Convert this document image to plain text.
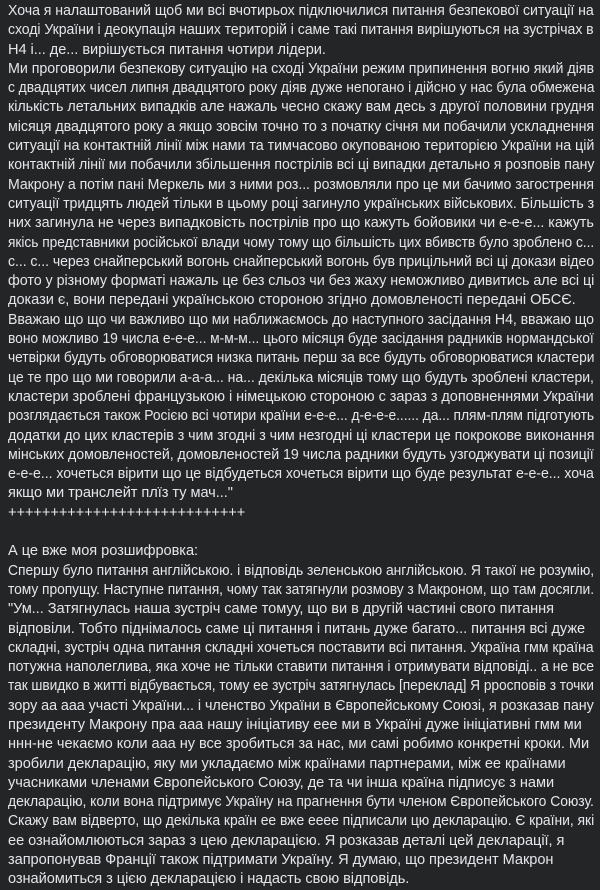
Хоча я налаштований щоб ми всі вчотирьох підключилися питання безпекової ситуації на
сході України і деокупація наших територій і саме такі питання вирішуються на зустрічах в
Н4 і... де... вирішується питання чотири лідери.
Ми проговорили безпекову ситуацію на сході України режим припинення вогню який діяв
с двадцятих чисел липня двадцятого року діяв дуже непогано і дійсно у нас була обмежена
кількість летальних випадків але нажаль чесно скажу вам десь з другої половини грудня
місяця двадцятого року а якщо зовсім точно то з початку січня ми побачили ускладнення
ситуації на контактній лінії між нами та тимчасово окупованою територією України на цій
контактній лінії ми побачили збільшення пострілів всі ці випадки детально я розповів пану
Макрону а потім пані Меркель ми з ними роз... розмовляли про це ми бачимо загострення
ситуації тридцять людей тільки в цьому році загинуло українських військових. Більшість з
них загинула не через випадковість пострілів про що кажуть бойовики чи е-е-е... кажуть
якісь представники російської влади чому тому що більшість цих вбивств було зроблено с...
с... с... через снайперський вогонь снайперський вогонь був прицільний всі ці докази відео
фото у різному форматі нажаль це без сльоз чи без жаху неможливо дивитись але всі ці
докази є, вони передані українською стороною згідно домовленості передані ОБСЄ.
Вважаю що що чи важливо що ми наближаємось до наступного засідання Н4, вважаю що
воно можливо 19 числа е-е-е... м-м-м... цього місяця буде засідання радників нормандської
четвірки будуть обговорюватися низка питань перш за все будуть обговорюватися кластери
це те про що ми говорили а-а-а... на... декілька місяців тому що будуть зроблені кластери,
кластери зроблені французькою і німецькою стороною с зараз з доповненнями України
розглядається також Росією всі чотири країни е-е-е... д-е-е-е...... да... плям-плям підготують
додатки до цих кластерів з чим згодні з чим незгодні ці кластери це покрокове виконання
мінських домовленостей, домовленостей 19 числа радники будуть узгоджувати ці позиції
е-е-е... хочеться вірити що це відбудеться хочеться вірити що буде результат е-е-е... хоча
якщо ми транслейт плїз ту мач..."
++++++++++++++++++++++++++++
А це вже моя розшифровка:
Спершу було питання англійською. і відповідь зеленською англійською. Я такої не розумію,
тому пропущу. Наступне питання, чому так затягнули розмову з Макроном, що там досягли.
"Ум... Затягнулась наша зустріч саме томуу, що ви в другій частині свого питання
відповіли. Тобто піднімалось саме ці питання і питань дуже багато... питання всі дуже
складні, зустріч одна питання складні хочеться поставити всі питання. Україна гмм країна
потужна наполеглива, яка хоче не тільки ставити питання і отримувати відповіді.. а не все
так швидко в житті відбувається, тому ее зустріч затягнулась [переклад] Я рросповів з точки
зору аа ааа участі України... і членство України в Європейському Союзі, я розказав пану
президенту Макрону пра ааа нашу ініціативу еее ми в Україні дуже ініціативні гмм ми
ннн-не чекаємо коли ааа ну все зробиться за нас, ми самі робимо конкретні кроки. Ми
зробили декларацію, яку ми укладаємо між країнами партнерами, між ее країнами
учасниками членами Європейського Союзу, де та чи інша країна підписує з нами
декларацію, коли вона підтримує Україну на прагнення бути членом Європейського Союзу.
Скажу вам відверто, що декілька країн ее вже ееее підписали цю декларацію. Є країни, які
ее ознайомлюються зараз з цею декларацією. Я розказав деталі цей декларації, я
запропонував Франції також підтримати Україну. Я думаю, що президент Макрон
ознайомиться з цією декларацією і надасть свою відповідь.
